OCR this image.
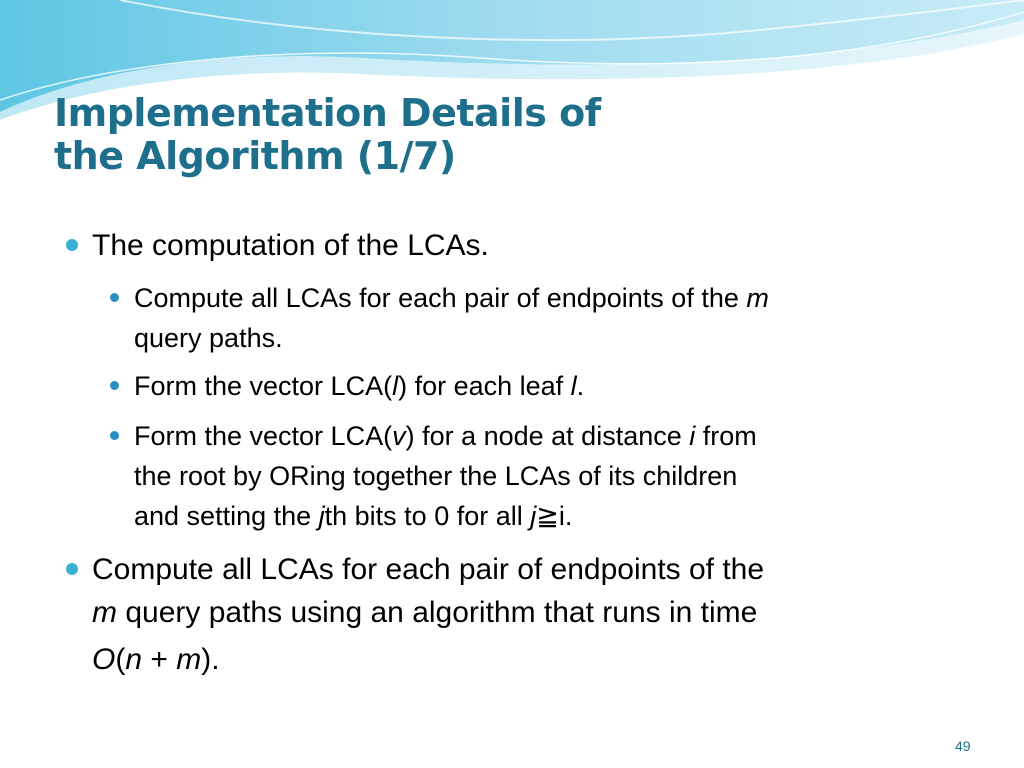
Implementation Details of
the Algorithm (1/7)
The computation of the LCAs.
Compute all LCAs for each pair of endpoints of the m
query paths.
Form the vector LCA(l) for each leaf l.
Form the vector LCA(v) for a node at distance i from
the root by ORing together the LCAs of its children
and setting the jth bits to 0 for all j≧i.
Compute all LCAs for each pair of endpoints of the
m query paths using an algorithm that runs in time
O(n + m).
49
